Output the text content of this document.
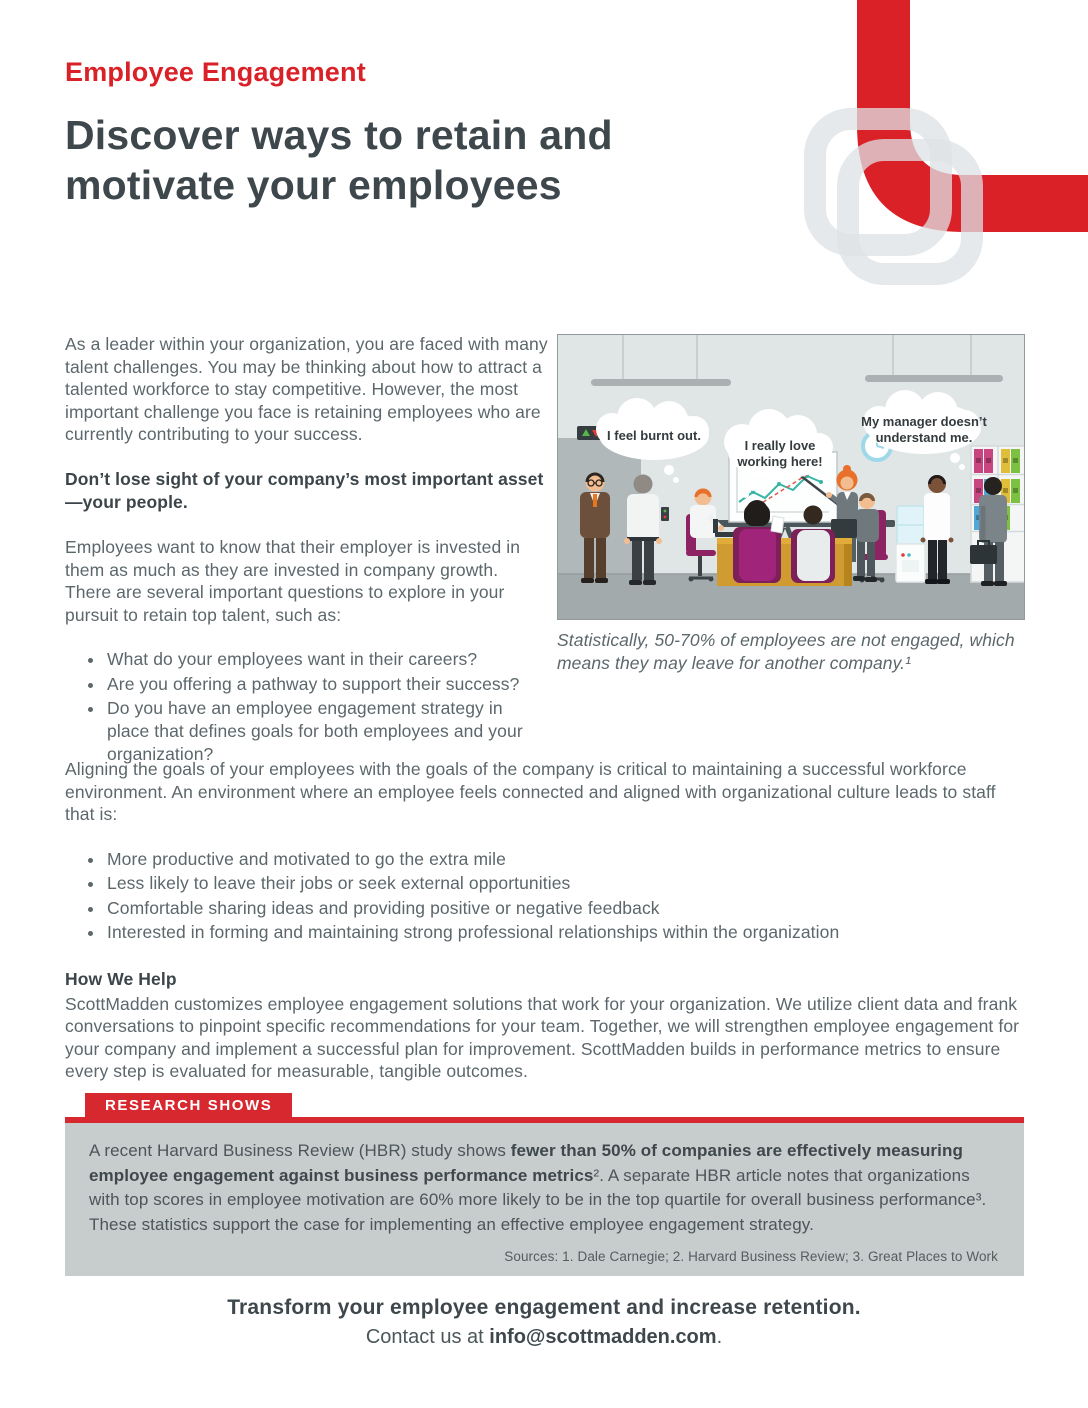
Employee Engagement
Discover ways to retain and motivate your employees

As a leader within your organization, you are faced with many talent challenges. You may be thinking about how to attract a talented workforce to stay competitive. However, the most important challenge you face is retaining employees who are currently contributing to your success.

Don’t lose sight of your company’s most important asset—your people.

Employees want to know that their employer is invested in them as much as they are invested in company growth. There are several important questions to explore in your pursuit to retain top talent, such as:

• What do your employees want in their careers?
• Are you offering a pathway to support their success?
• Do you have an employee engagement strategy in place that defines goals for both employees and your organization?
I feel burnt out.
I really love
working here!
My manager doesn’t
understand me.
Statistically, 50-70% of employees are not engaged, which means they may leave for another company.¹

Aligning the goals of your employees with the goals of the company is critical to maintaining a successful workforce environment. An environment where an employee feels connected and aligned with organizational culture leads to staff that is:

• More productive and motivated to go the extra mile
• Less likely to leave their jobs or seek external opportunities
• Comfortable sharing ideas and providing positive or negative feedback
• Interested in forming and maintaining strong professional relationships within the organization
How We Help

ScottMadden customizes employee engagement solutions that work for your organization. We utilize client data and frank conversations to pinpoint specific recommendations for your team. Together, we will strengthen employee engagement for your company and implement a successful plan for improvement. ScottMadden builds in performance metrics to ensure every step is evaluated for measurable, tangible outcomes.

RESEARCH SHOWS

A recent Harvard Business Review (HBR) study shows fewer than 50% of companies are effectively measuring employee engagement against business performance metrics². A separate HBR article notes that organizations with top scores in employee motivation are 60% more likely to be in the top quartile for overall business performance³. These statistics support the case for implementing an effective employee engagement strategy.

Sources: 1. Dale Carnegie; 2. Harvard Business Review; 3. Great Places to Work
Transform your employee engagement and increase retention.
Contact us at info@scottmadden.com.
